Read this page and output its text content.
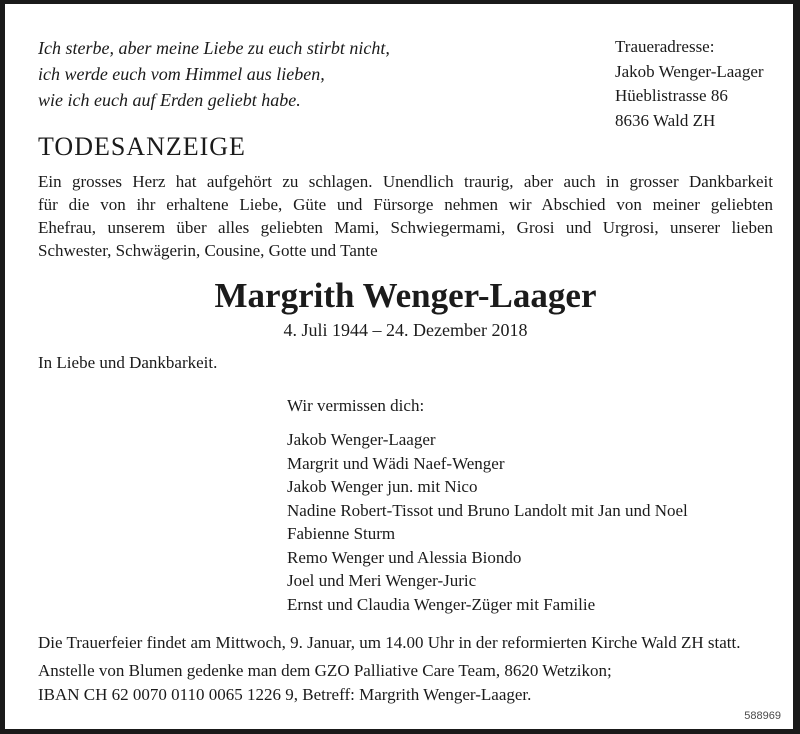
Ich sterbe, aber meine Liebe zu euch stirbt nicht,
ich werde euch vom Himmel aus lieben,
wie ich euch auf Erden geliebt habe.
Traueradresse:
Jakob Wenger-Laager
Hüeblistrasse 86
8636 Wald ZH
TODESANZEIGE
Ein grosses Herz hat aufgehört zu schlagen. Unendlich traurig, aber auch in grosser Dankbarkeit
für die von ihr erhaltene Liebe, Güte und Fürsorge nehmen wir Abschied von meiner geliebten
Ehefrau, unserem über alles geliebten Mami, Schwiegermami, Grosi und Urgrosi, unserer lieben
Schwester, Schwägerin, Cousine, Gotte und Tante
Margrith Wenger-Laager
4. Juli 1944 – 24. Dezember 2018
In Liebe und Dankbarkeit.
Wir vermissen dich:
Jakob Wenger-Laager
Margrit und Wädi Naef-Wenger
Jakob Wenger jun. mit Nico
Nadine Robert-Tissot und Bruno Landolt mit Jan und Noel
Fabienne Sturm
Remo Wenger und Alessia Biondo
Joel und Meri Wenger-Juric
Ernst und Claudia Wenger-Züger mit Familie
Die Trauerfeier findet am Mittwoch, 9. Januar, um 14.00 Uhr in der reformierten Kirche Wald ZH statt.
Anstelle von Blumen gedenke man dem GZO Palliative Care Team, 8620 Wetzikon;
IBAN CH 62 0070 0110 0065 1226 9, Betreff: Margrith Wenger-Laager.
588969
